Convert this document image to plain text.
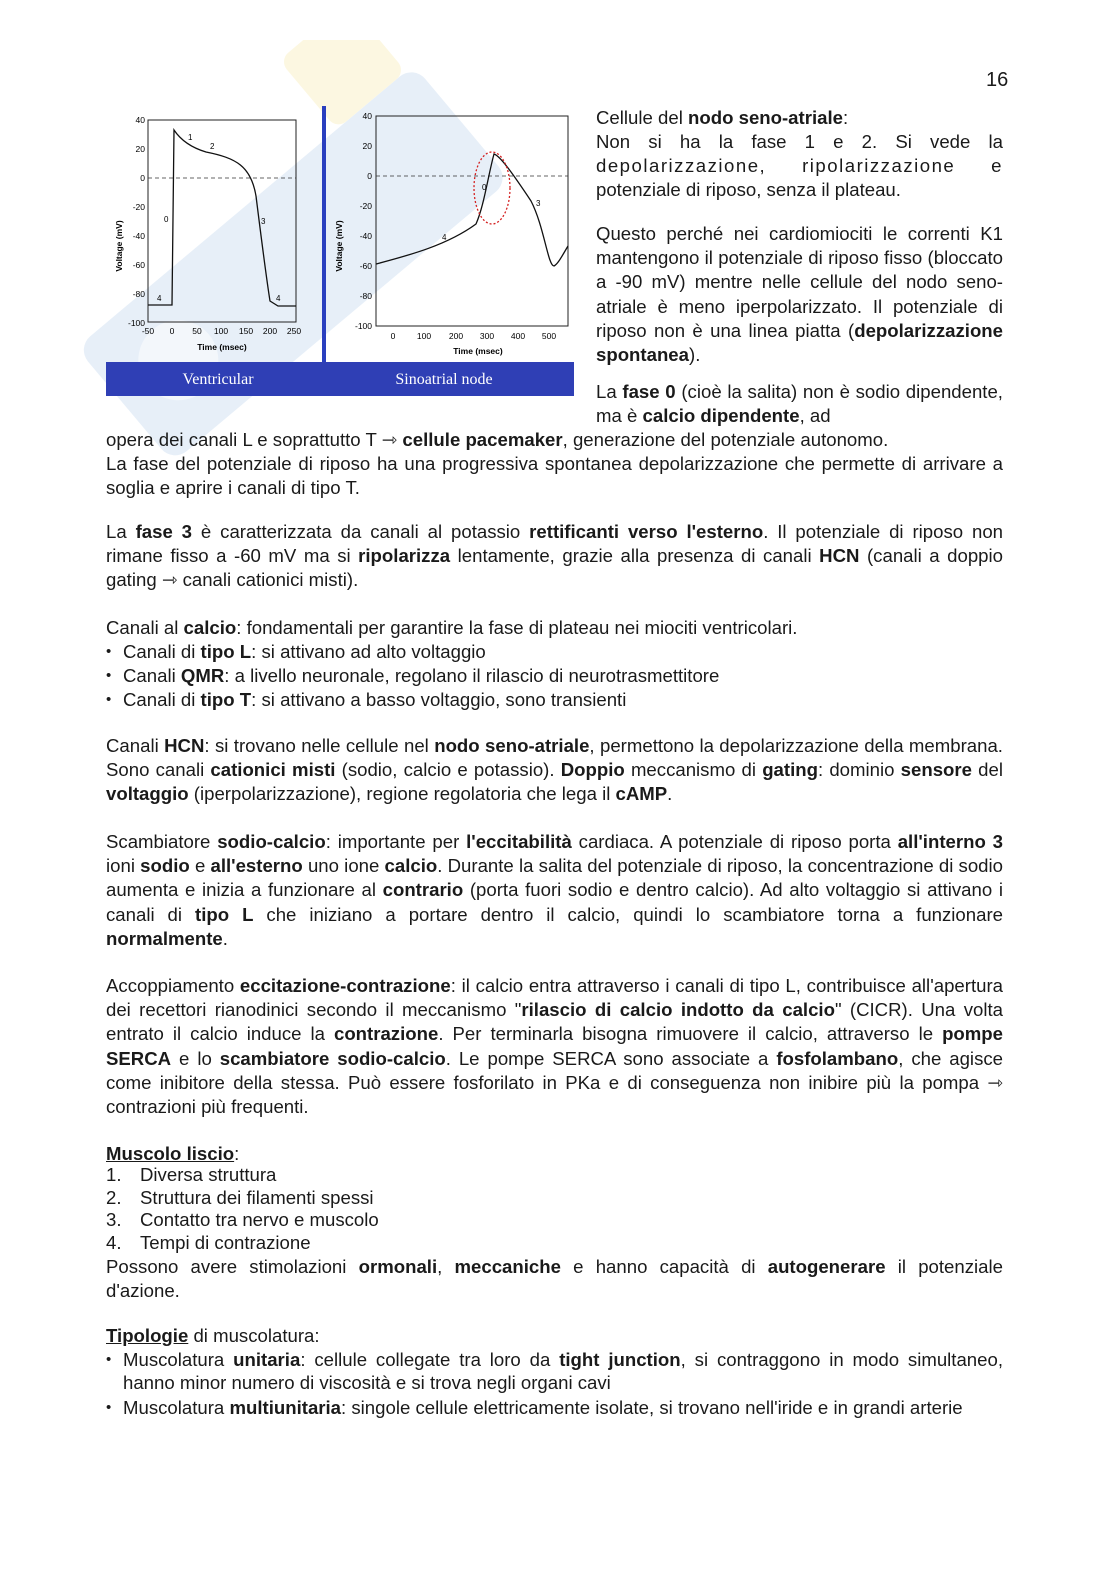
16
Voltage (mV)
40
20
0
-20
-40
-60
-80
-100
-50 0 50 100 150 200 250
Time (msec)
1
2
0	3
4	4
Voltage (mV)
40
20
0
-20
-40
-60
-80
-100
0	100 200 300 400 500
Time (msec)
0
3
4
Ventricular	Sinoatrial node

Cellule del nodo seno-atriale:

Non si ha la fase 1 e 2. Si vede la

depolarizzazione, ripolarizzazione e

potenziale di riposo, senza il plateau.

Questo perché nei cardiomiociti le correnti K1 mantengono il potenziale di riposo fisso (bloccato a -90 mV) mentre nelle cellule del nodo seno-atriale è meno iperpolarizzato. Il potenziale di riposo non è una linea piatta (depolarizzazione spontanea).

La fase 0 (cioè la salita) non è sodio dipendente, ma è calcio dipendente, ad

opera dei canali L e soprattutto T ⇾ cellule pacemaker, generazione del potenziale autonomo.

La fase del potenziale di riposo ha una progressiva spontanea depolarizzazione che permette di arrivare a soglia e aprire i canali di tipo T.

La fase 3 è caratterizzata da canali al potassio rettificanti verso l'esterno. Il potenziale di riposo non rimane fisso a -60 mV ma si ripolarizza lentamente, grazie alla presenza di canali HCN (canali a doppio gating ⇾ canali cationici misti).

Canali al calcio: fondamentali per garantire la fase di plateau nei miociti ventricolari.

• Canali di tipo L: si attivano ad alto voltaggio
• Canali QMR: a livello neuronale, regolano il rilascio di neurotrasmettitore
• Canali di tipo T: si attivano a basso voltaggio, sono transienti

Canali HCN: si trovano nelle cellule nel nodo seno-atriale, permettono la depolarizzazione della membrana. Sono canali cationici misti (sodio, calcio e potassio). Doppio meccanismo di gating: dominio sensore del voltaggio (iperpolarizzazione), regione regolatoria che lega il cAMP.

Scambiatore sodio-calcio: importante per l'eccitabilità cardiaca. A potenziale di riposo porta all'interno 3 ioni sodio e all'esterno uno ione calcio. Durante la salita del potenziale di riposo, la concentrazione di sodio aumenta e inizia a funzionare al contrario (porta fuori sodio e dentro calcio). Ad alto voltaggio si attivano i canali di tipo L che iniziano a portare dentro il calcio, quindi lo scambiatore torna a funzionare normalmente.

Accoppiamento eccitazione-contrazione: il calcio entra attraverso i canali di tipo L, contribuisce all'apertura dei recettori rianodinici secondo il meccanismo "rilascio di calcio indotto da calcio" (CICR). Una volta entrato il calcio induce la contrazione. Per terminarla bisogna rimuovere il calcio, attraverso le pompe SERCA e lo scambiatore sodio-calcio. Le pompe SERCA sono associate a fosfolambano, che agisce come inibitore della stessa. Può essere fosforilato in PKa e di conseguenza non inibire più la pompa ⇾ contrazioni più frequenti.

Muscolo liscio:

1. Diversa struttura
2. Struttura dei filamenti spessi
3. Contatto tra nervo e muscolo
4. Tempi di contrazione

Possono avere stimolazioni ormonali, meccaniche e hanno capacità di autogenerare il potenziale d'azione.

Tipologie di muscolatura:

• Muscolatura unitaria: cellule collegate tra loro da tight junction, si contraggono in modo simultaneo, hanno minor numero di viscosità e si trova negli organi cavi
• Muscolatura multiunitaria: singole cellule elettricamente isolate, si trovano nell'iride e in grandi arterie
